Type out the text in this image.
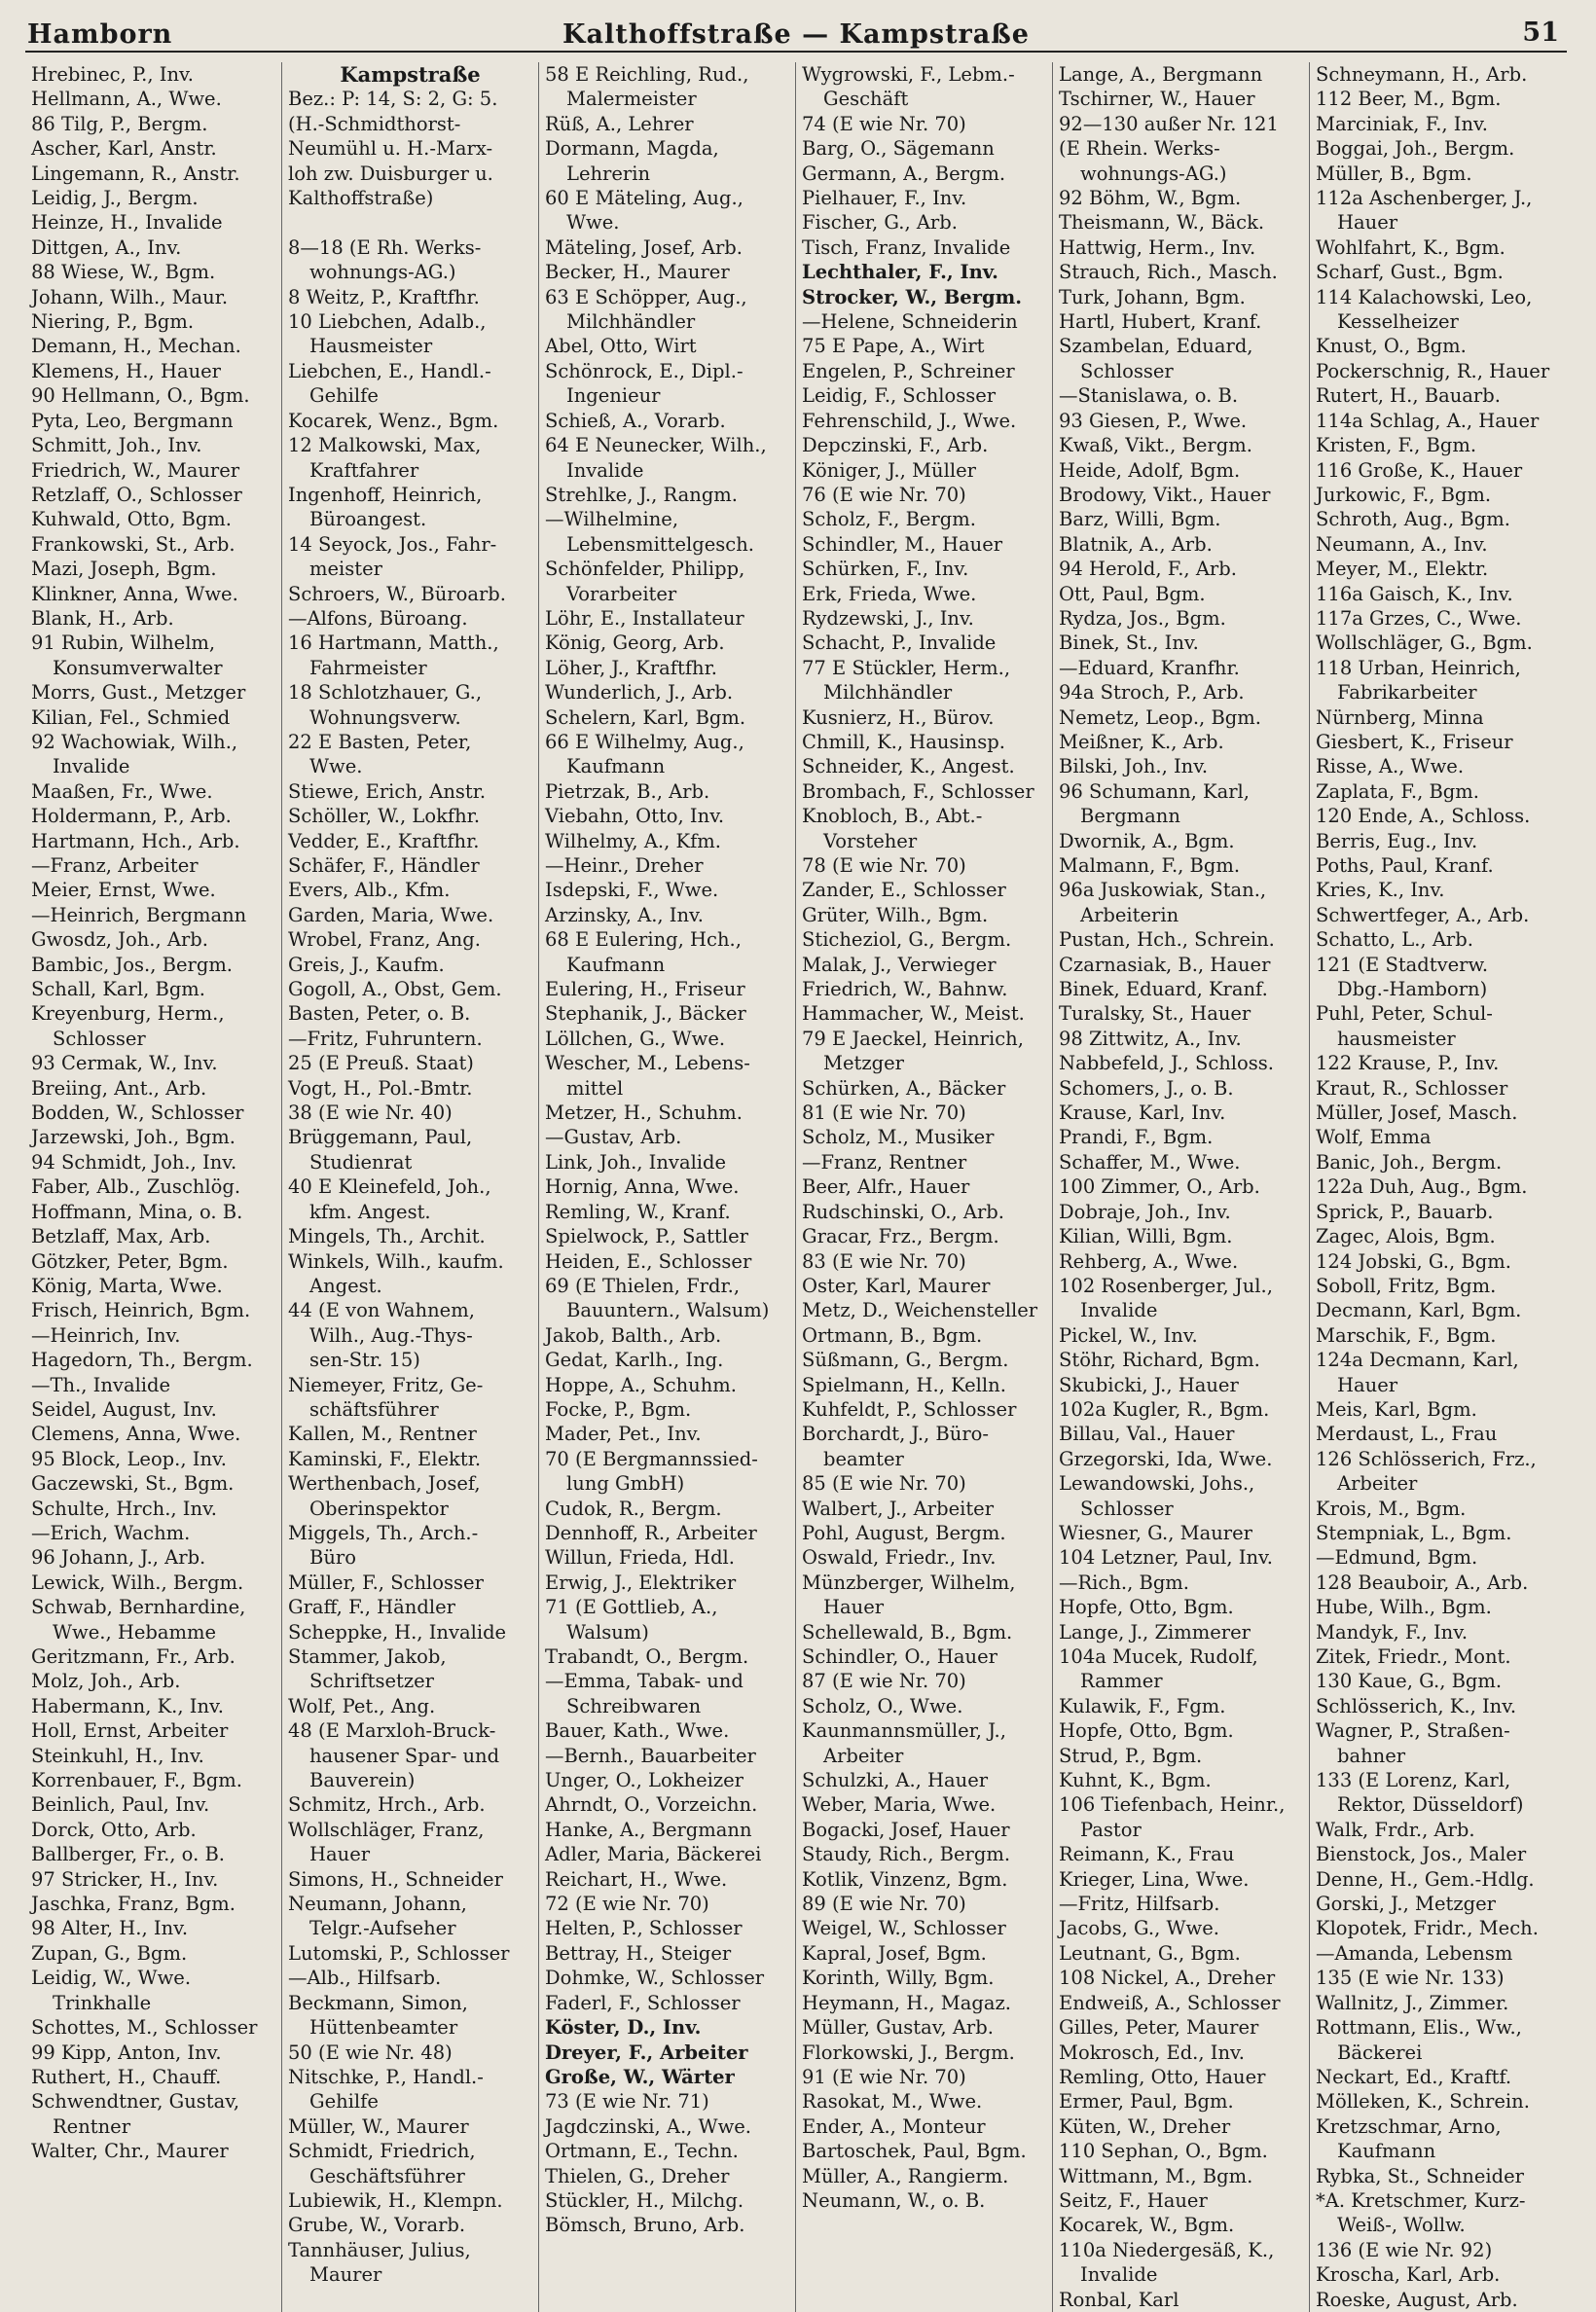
Hamborn	Kalthoffstraße — Kampstraße	51
Hrebinec, P., Inv.
Hellmann, A., Wwe.
86 Tilg, P., Bergm.
Ascher, Karl, Anstr.
Lingemann, R., Anstr.
Leidig, J., Bergm.
Heinze, H., Invalide
Dittgen, A., Inv.
88 Wiese, W., Bgm.
Johann, Wilh., Maur.
Niering, P., Bgm.
Demann, H., Mechan.
Klemens, H., Hauer
90 Hellmann, O., Bgm.
Pyta, Leo, Bergmann
Schmitt, Joh., Inv.
Friedrich, W., Maurer
Retzlaff, O., Schlosser
Kuhwald, Otto, Bgm.
Frankowski, St., Arb.
Mazi, Joseph, Bgm.
Klinkner, Anna, Wwe.
Blank, H., Arb.
91 Rubin, Wilhelm,
Konsumverwalter
Morrs, Gust., Metzger
Kilian, Fel., Schmied
92 Wachowiak, Wilh.,
Invalide
Maaßen, Fr., Wwe.
Holdermann, P., Arb.
Hartmann, Hch., Arb.
—Franz, Arbeiter
Meier, Ernst, Wwe.
—Heinrich, Bergmann
Gwosdz, Joh., Arb.
Bambic, Jos., Bergm.
Schall, Karl, Bgm.
Kreyenburg, Herm.,
Schlosser
93 Cermak, W., Inv.
Breiing, Ant., Arb.
Bodden, W., Schlosser
Jarzewski, Joh., Bgm.
94 Schmidt, Joh., Inv.
Faber, Alb., Zuschlög.
Hoffmann, Mina, o. B.
Betzlaff, Max, Arb.
Götzker, Peter, Bgm.
König, Marta, Wwe.
Frisch, Heinrich, Bgm.
—Heinrich, Inv.
Hagedorn, Th., Bergm.
—Th., Invalide
Seidel, August, Inv.
Clemens, Anna, Wwe.
95 Block, Leop., Inv.
Gaczewski, St., Bgm.
Schulte, Hrch., Inv.
—Erich, Wachm.
96 Johann, J., Arb.
Lewick, Wilh., Bergm.
Schwab, Bernhardine,
Wwe., Hebamme
Geritzmann, Fr., Arb.
Molz, Joh., Arb.
Habermann, K., Inv.
Holl, Ernst, Arbeiter
Steinkuhl, H., Inv.
Korrenbauer, F., Bgm.
Beinlich, Paul, Inv.
Dorck, Otto, Arb.
Ballberger, Fr., o. B.
97 Stricker, H., Inv.
Jaschka, Franz, Bgm.
98 Alter, H., Inv.
Zupan, G., Bgm.
Leidig, W., Wwe.
Trinkhalle
Schottes, M., Schlosser
99 Kipp, Anton, Inv.
Ruthert, H., Chauff.
Schwendtner, Gustav,
Rentner
Walter, Chr., Maurer
Kampstraße
Bez.: P: 14, S: 2, G: 5.
(H.-Schmidthorst-
Neumühl u. H.-Marx-
loh zw. Duisburger u.
Kalthoffstraße)

8—18 (E Rh. Werks-
wohnungs-AG.)
8 Weitz, P., Kraftfhr.
10 Liebchen, Adalb.,
Hausmeister
Liebchen, E., Handl.-
Gehilfe
Kocarek, Wenz., Bgm.
12 Malkowski, Max,
Kraftfahrer
Ingenhoff, Heinrich,
Büroangest.
14 Seyock, Jos., Fahr-
meister
Schroers, W., Büroarb.
—Alfons, Büroang.
16 Hartmann, Matth.,
Fahrmeister
18 Schlotzhauer, G.,
Wohnungsverw.
22 E Basten, Peter,
Wwe.
Stiewe, Erich, Anstr.
Schöller, W., Lokfhr.
Vedder, E., Kraftfhr.
Schäfer, F., Händler
Evers, Alb., Kfm.
Garden, Maria, Wwe.
Wrobel, Franz, Ang.
Greis, J., Kaufm.
Gogoll, A., Obst, Gem.
Basten, Peter, o. B.
—Fritz, Fuhruntern.
25 (E Preuß. Staat)
Vogt, H., Pol.-Bmtr.
38 (E wie Nr. 40)
Brüggemann, Paul,
Studienrat
40 E Kleinefeld, Joh.,
kfm. Angest.
Mingels, Th., Archit.
Winkels, Wilh., kaufm.
Angest.
44 (E von Wahnem,
Wilh., Aug.-Thys-
sen-Str. 15)
Niemeyer, Fritz, Ge-
schäftsführer
Kallen, M., Rentner
Kaminski, F., Elektr.
Werthenbach, Josef,
Oberinspektor
Miggels, Th., Arch.-
Büro
Müller, F., Schlosser
Graff, F., Händler
Scheppke, H., Invalide
Stammer, Jakob,
Schriftsetzer
Wolf, Pet., Ang.
48 (E Marxloh-Bruck-
hausener Spar- und
Bauverein)
Schmitz, Hrch., Arb.
Wollschläger, Franz,
Hauer
Simons, H., Schneider
Neumann, Johann,
Telgr.-Aufseher
Lutomski, P., Schlosser
—Alb., Hilfsarb.
Beckmann, Simon,
Hüttenbeamter
50 (E wie Nr. 48)
Nitschke, P., Handl.-
Gehilfe
Müller, W., Maurer
Schmidt, Friedrich,
Geschäftsführer
Lubiewik, H., Klempn.
Grube, W., Vorarb.
Tannhäuser, Julius,
Maurer
58 E Reichling, Rud.,
Malermeister
Rüß, A., Lehrer
Dormann, Magda,
Lehrerin
60 E Mäteling, Aug.,
Wwe.
Mäteling, Josef, Arb.
Becker, H., Maurer
63 E Schöpper, Aug.,
Milchhändler
Abel, Otto, Wirt
Schönrock, E., Dipl.-
Ingenieur
Schieß, A., Vorarb.
64 E Neunecker, Wilh.,
Invalide
Strehlke, J., Rangm.
—Wilhelmine,
Lebensmittelgesch.
Schönfelder, Philipp,
Vorarbeiter
Löhr, E., Installateur
König, Georg, Arb.
Löher, J., Kraftfhr.
Wunderlich, J., Arb.
Schelern, Karl, Bgm.
66 E Wilhelmy, Aug.,
Kaufmann
Pietrzak, B., Arb.
Viebahn, Otto, Inv.
Wilhelmy, A., Kfm.
—Heinr., Dreher
Isdepski, F., Wwe.
Arzinsky, A., Inv.
68 E Eulering, Hch.,
Kaufmann
Eulering, H., Friseur
Stephanik, J., Bäcker
Löllchen, G., Wwe.
Wescher, M., Lebens-
mittel
Metzer, H., Schuhm.
—Gustav, Arb.
Link, Joh., Invalide
Hornig, Anna, Wwe.
Remling, W., Kranf.
Spielwock, P., Sattler
Heiden, E., Schlosser
69 (E Thielen, Frdr.,
Bauuntern., Walsum)
Jakob, Balth., Arb.
Gedat, Karlh., Ing.
Hoppe, A., Schuhm.
Focke, P., Bgm.
Mader, Pet., Inv.
70 (E Bergmannssied-
lung GmbH)
Cudok, R., Bergm.
Dennhoff, R., Arbeiter
Willun, Frieda, Hdl.
Erwig, J., Elektriker
71 (E Gottlieb, A.,
Walsum)
Trabandt, O., Bergm.
—Emma, Tabak- und
Schreibwaren
Bauer, Kath., Wwe.
—Bernh., Bauarbeiter
Unger, O., Lokheizer
Ahrndt, O., Vorzeichn.
Hanke, A., Bergmann
Adler, Maria, Bäckerei
Reichart, H., Wwe.
72 (E wie Nr. 70)
Helten, P., Schlosser
Bettray, H., Steiger
Dohmke, W., Schlosser
Faderl, F., Schlosser
Köster, D., Inv.
Dreyer, F., Arbeiter
Große, W., Wärter
73 (E wie Nr. 71)
Jagdczinski, A., Wwe.
Ortmann, E., Techn.
Thielen, G., Dreher
Stückler, H., Milchg.
Bömsch, Bruno, Arb.
Wygrowski, F., Lebm.-
Geschäft
74 (E wie Nr. 70)
Barg, O., Sägemann
Germann, A., Bergm.
Pielhauer, F., Inv.
Fischer, G., Arb.
Tisch, Franz, Invalide
Lechthaler, F., Inv.
Strocker, W., Bergm.
—Helene, Schneiderin
75 E Pape, A., Wirt
Engelen, P., Schreiner
Leidig, F., Schlosser
Fehrenschild, J., Wwe.
Depczinski, F., Arb.
Königer, J., Müller
76 (E wie Nr. 70)
Scholz, F., Bergm.
Schindler, M., Hauer
Schürken, F., Inv.
Erk, Frieda, Wwe.
Rydzewski, J., Inv.
Schacht, P., Invalide
77 E Stückler, Herm.,
Milchhändler
Kusnierz, H., Bürov.
Chmill, K., Hausinsp.
Schneider, K., Angest.
Brombach, F., Schlosser
Knobloch, B., Abt.-
Vorsteher
78 (E wie Nr. 70)
Zander, E., Schlosser
Grüter, Wilh., Bgm.
Sticheziol, G., Bergm.
Malak, J., Verwieger
Friedrich, W., Bahnw.
Hammacher, W., Meist.
79 E Jaeckel, Heinrich,
Metzger
Schürken, A., Bäcker
81 (E wie Nr. 70)
Scholz, M., Musiker
—Franz, Rentner
Beer, Alfr., Hauer
Rudschinski, O., Arb.
Gracar, Frz., Bergm.
83 (E wie Nr. 70)
Oster, Karl, Maurer
Metz, D., Weichensteller
Ortmann, B., Bgm.
Süßmann, G., Bergm.
Spielmann, H., Kelln.
Kuhfeldt, P., Schlosser
Borchardt, J., Büro-
beamter
85 (E wie Nr. 70)
Walbert, J., Arbeiter
Pohl, August, Bergm.
Oswald, Friedr., Inv.
Münzberger, Wilhelm,
Hauer
Schellewald, B., Bgm.
Schindler, O., Hauer
87 (E wie Nr. 70)
Scholz, O., Wwe.
Kaunmannsmüller, J.,
Arbeiter
Schulzki, A., Hauer
Weber, Maria, Wwe.
Bogacki, Josef, Hauer
Staudy, Rich., Bergm.
Kotlik, Vinzenz, Bgm.
89 (E wie Nr. 70)
Weigel, W., Schlosser
Kapral, Josef, Bgm.
Korinth, Willy, Bgm.
Heymann, H., Magaz.
Müller, Gustav, Arb.
Florkowski, J., Bergm.
91 (E wie Nr. 70)
Rasokat, M., Wwe.
Ender, A., Monteur
Bartoschek, Paul, Bgm.
Müller, A., Rangierm.
Neumann, W., o. B.
Lange, A., Bergmann
Tschirner, W., Hauer
92—130 außer Nr. 121
(E Rhein. Werks-
wohnungs-AG.)
92 Böhm, W., Bgm.
Theismann, W., Bäck.
Hattwig, Herm., Inv.
Strauch, Rich., Masch.
Turk, Johann, Bgm.
Hartl, Hubert, Kranf.
Szambelan, Eduard,
Schlosser
—Stanislawa, o. B.
93 Giesen, P., Wwe.
Kwaß, Vikt., Bergm.
Heide, Adolf, Bgm.
Brodowy, Vikt., Hauer
Barz, Willi, Bgm.
Blatnik, A., Arb.
94 Herold, F., Arb.
Ott, Paul, Bgm.
Rydza, Jos., Bgm.
Binek, St., Inv.
—Eduard, Kranfhr.
94a Stroch, P., Arb.
Nemetz, Leop., Bgm.
Meißner, K., Arb.
Bilski, Joh., Inv.
96 Schumann, Karl,
Bergmann
Dwornik, A., Bgm.
Malmann, F., Bgm.
96a Juskowiak, Stan.,
Arbeiterin
Pustan, Hch., Schrein.
Czarnasiak, B., Hauer
Binek, Eduard, Kranf.
Turalsky, St., Hauer
98 Zittwitz, A., Inv.
Nabbefeld, J., Schloss.
Schomers, J., o. B.
Krause, Karl, Inv.
Prandi, F., Bgm.
Schaffer, M., Wwe.
100 Zimmer, O., Arb.
Dobraje, Joh., Inv.
Kilian, Willi, Bgm.
Rehberg, A., Wwe.
102 Rosenberger, Jul.,
Invalide
Pickel, W., Inv.
Stöhr, Richard, Bgm.
Skubicki, J., Hauer
102a Kugler, R., Bgm.
Billau, Val., Hauer
Grzegorski, Ida, Wwe.
Lewandowski, Johs.,
Schlosser
Wiesner, G., Maurer
104 Letzner, Paul, Inv.
—Rich., Bgm.
Hopfe, Otto, Bgm.
Lange, J., Zimmerer
104a Mucek, Rudolf,
Rammer
Kulawik, F., Fgm.
Hopfe, Otto, Bgm.
Strud, P., Bgm.
Kuhnt, K., Bgm.
106 Tiefenbach, Heinr.,
Pastor
Reimann, K., Frau
Krieger, Lina, Wwe.
—Fritz, Hilfsarb.
Jacobs, G., Wwe.
Leutnant, G., Bgm.
108 Nickel, A., Dreher
Endweiß, A., Schlosser
Gilles, Peter, Maurer
Mokrosch, Ed., Inv.
Remling, Otto, Hauer
Ermer, Paul, Bgm.
Küten, W., Dreher
110 Sephan, O., Bgm.
Wittmann, M., Bgm.
Seitz, F., Hauer
Kocarek, W., Bgm.
110a Niedergesäß, K.,
Invalide
Ronbal, Karl
Schneymann, H., Arb.
112 Beer, M., Bgm.
Marciniak, F., Inv.
Boggai, Joh., Bergm.
Müller, B., Bgm.
112a Aschenberger, J.,
Hauer
Wohlfahrt, K., Bgm.
Scharf, Gust., Bgm.
114 Kalachowski, Leo,
Kesselheizer
Knust, O., Bgm.
Pockerschnig, R., Hauer
Rutert, H., Bauarb.
114a Schlag, A., Hauer
Kristen, F., Bgm.
116 Große, K., Hauer
Jurkowic, F., Bgm.
Schroth, Aug., Bgm.
Neumann, A., Inv.
Meyer, M., Elektr.
116a Gaisch, K., Inv.
117a Grzes, C., Wwe.
Wollschläger, G., Bgm.
118 Urban, Heinrich,
Fabrikarbeiter
Nürnberg, Minna
Giesbert, K., Friseur
Risse, A., Wwe.
Zaplata, F., Bgm.
120 Ende, A., Schloss.
Berris, Eug., Inv.
Poths, Paul, Kranf.
Kries, K., Inv.
Schwertfeger, A., Arb.
Schatto, L., Arb.
121 (E Stadtverw.
Dbg.-Hamborn)
Puhl, Peter, Schul-
hausmeister
122 Krause, P., Inv.
Kraut, R., Schlosser
Müller, Josef, Masch.
Wolf, Emma
Banic, Joh., Bergm.
122a Duh, Aug., Bgm.
Sprick, P., Bauarb.
Zagec, Alois, Bgm.
124 Jobski, G., Bgm.
Soboll, Fritz, Bgm.
Decmann, Karl, Bgm.
Marschik, F., Bgm.
124a Decmann, Karl,
Hauer
Meis, Karl, Bgm.
Merdaust, L., Frau
126 Schlösserich, Frz.,
Arbeiter
Krois, M., Bgm.
Stempniak, L., Bgm.
—Edmund, Bgm.
128 Beauboir, A., Arb.
Hube, Wilh., Bgm.
Mandyk, F., Inv.
Zitek, Friedr., Mont.
130 Kaue, G., Bgm.
Schlösserich, K., Inv.
Wagner, P., Straßen-
bahner
133 (E Lorenz, Karl,
Rektor, Düsseldorf)
Walk, Frdr., Arb.
Bienstock, Jos., Maler
Denne, H., Gem.-Hdlg.
Gorski, J., Metzger
Klopotek, Fridr., Mech.
—Amanda, Lebensm
135 (E wie Nr. 133)
Wallnitz, J., Zimmer.
Rottmann, Elis., Ww.,
Bäckerei
Neckart, Ed., Kraftf.
Mölleken, K., Schrein.
Kretzschmar, Arno,
Kaufmann
Rybka, St., Schneider
*A. Kretschmer, Kurz-
Weiß-, Wollw.
136 (E wie Nr. 92)
Kroscha, Karl, Arb.
Roeske, August, Arb.
